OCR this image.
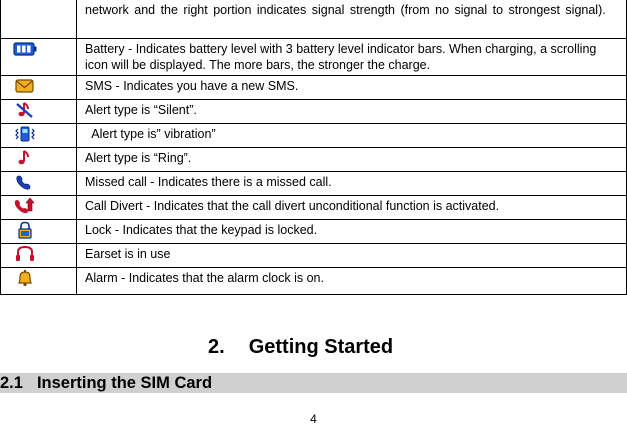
	network and the right portion indicates signal strength (from no signal to strongest signal).

	Battery - Indicates battery level with 3 battery level indicator bars. When charging, a scrolling icon will be displayed. The more bars, the stronger the charge.

	SMS - Indicates you have a new SMS.

	Alert type is “Silent”.

	Alert type is” vibration”

	Alert type is “Ring”.

	Missed call - Indicates there is a missed call.

	Call Divert - Indicates that the call divert unconditional function is activated.

	Lock - Indicates that the keypad is locked.

	Earset is in use

	Alarm - Indicates that the alarm clock is on.
2. Getting Started
2.1 Inserting the SIM Card
4
